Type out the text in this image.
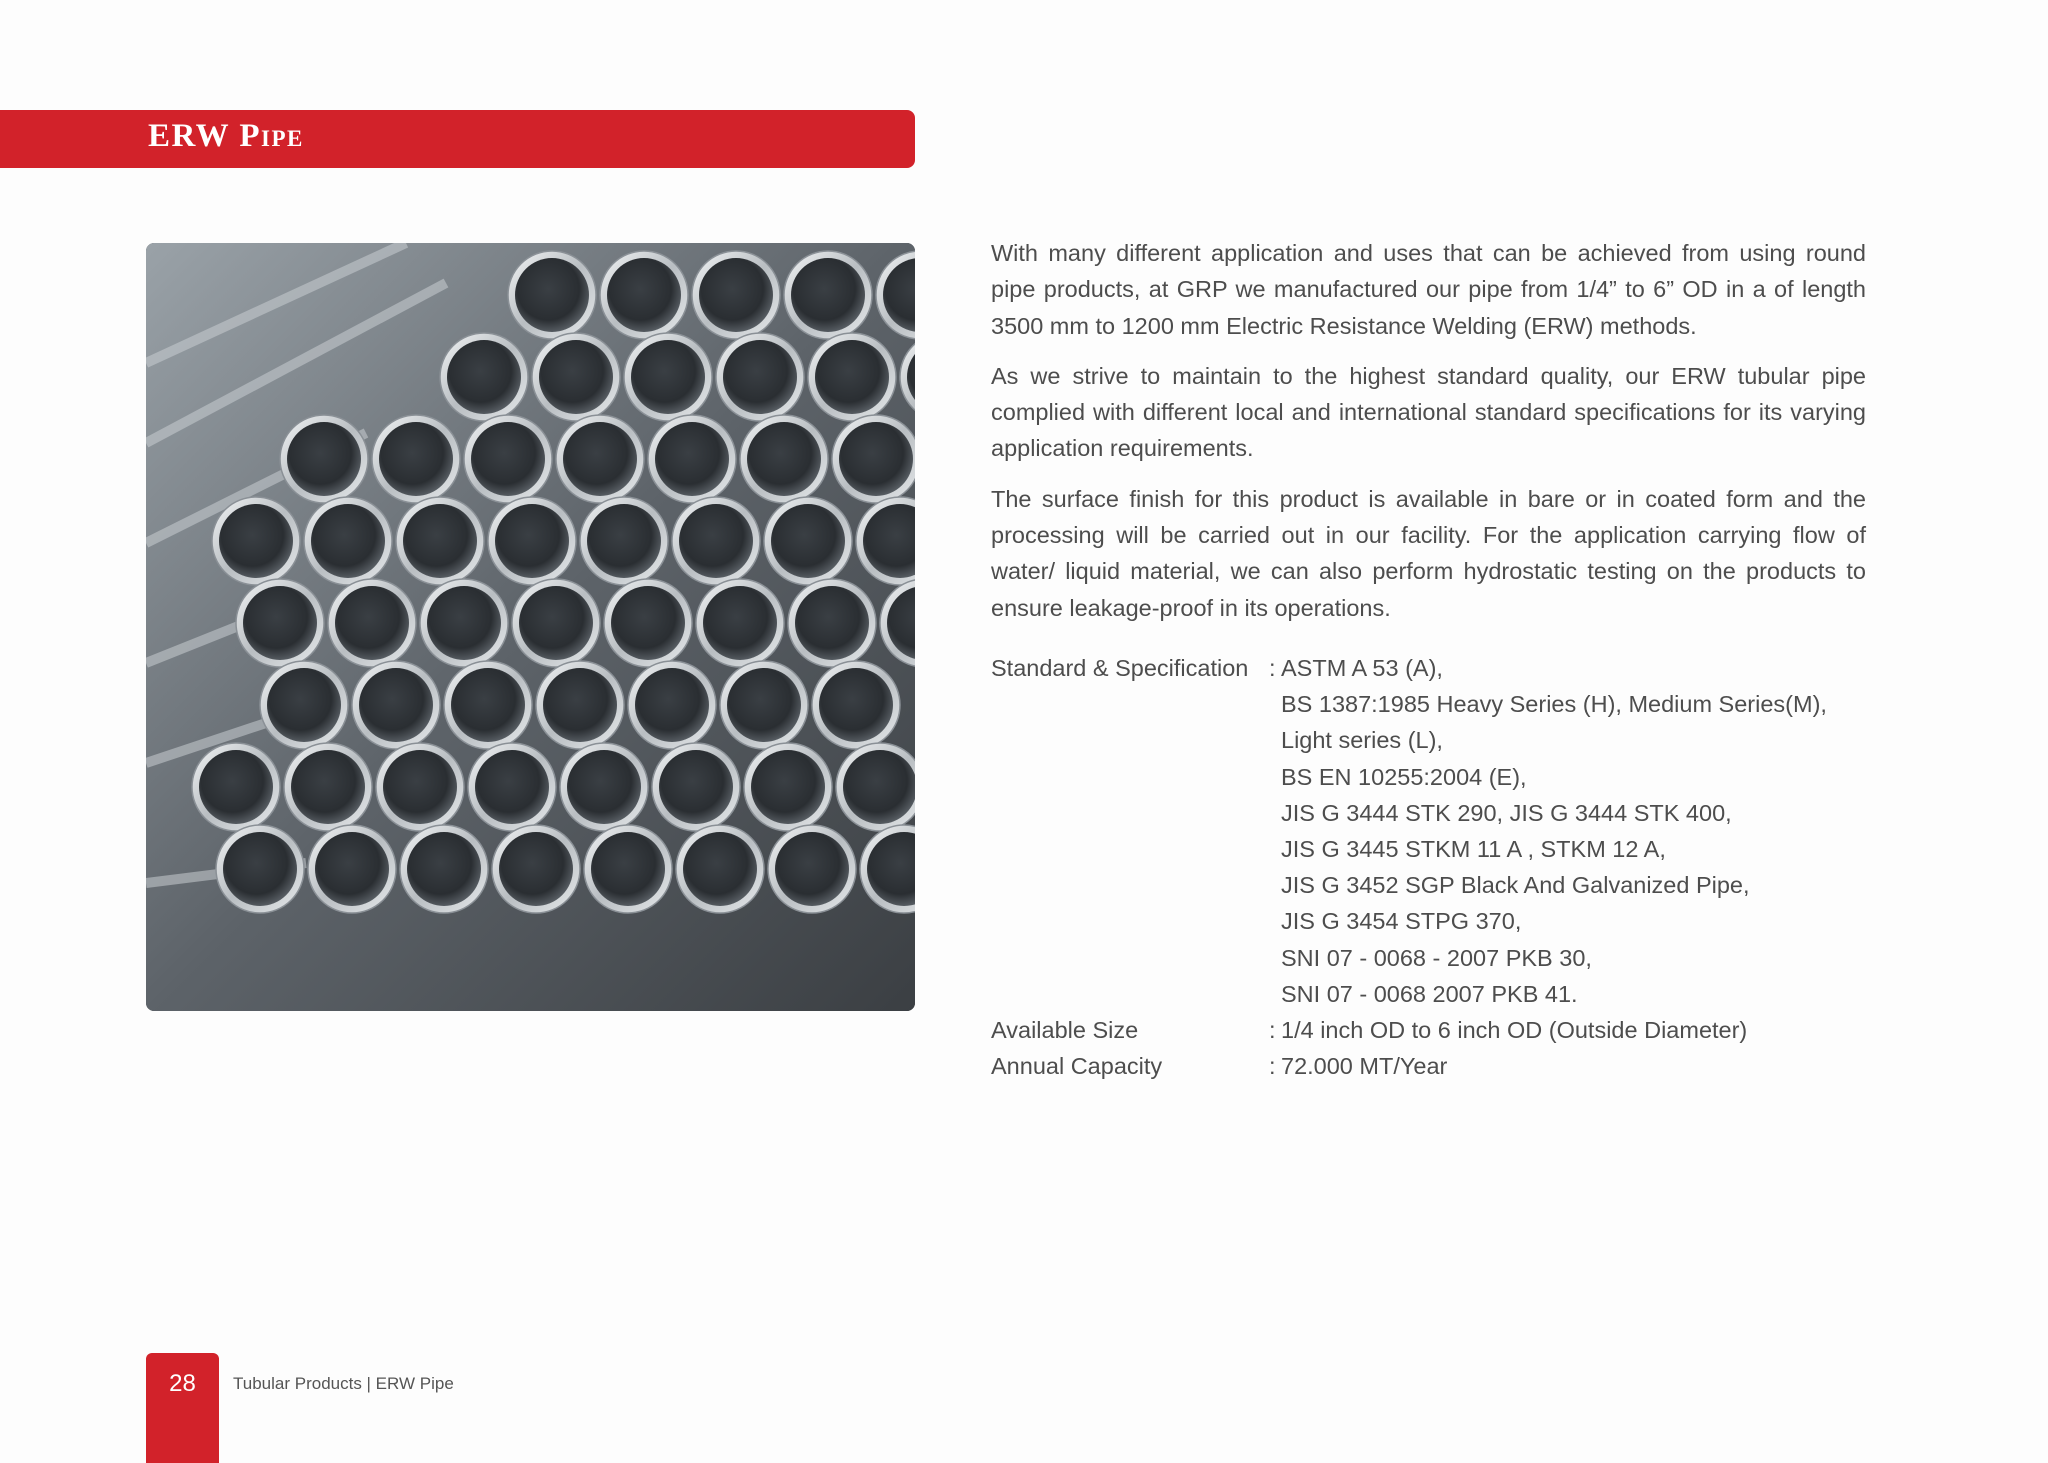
ERW Pipe

With many different application and uses that can be achieved from using round pipe products, at GRP we manufactured our pipe from 1/4” to 6” OD in a of length 3500 mm to 1200 mm Electric Resistance Welding (ERW) methods.

As we strive to maintain to the highest standard quality, our ERW tubular pipe complied with different local and international standard specifications for its varying application requirements.

The surface finish for this product is available in bare or in coated form and the processing will be carried out in our facility. For the application carrying flow of water/ liquid material, we can also perform hydrostatic testing on the products to ensure leakage-proof in its operations.

Standard & Specification : ASTM A 53 (A),
BS 1387:1985 Heavy Series (H), Medium Series(M),
Light series (L),
BS EN 10255:2004 (E),
JIS G 3444 STK 290, JIS G 3444 STK 400,
JIS G 3445 STKM 11 A , STKM 12 A,
JIS G 3452 SGP Black And Galvanized Pipe,
JIS G 3454 STPG 370,
SNI 07 - 0068 - 2007 PKB 30,
SNI 07 - 0068 2007 PKB 41.
Available Size	: 1/4 inch OD to 6 inch OD (Outside Diameter)
Annual Capacity	: 72.000 MT/Year
28	Tubular Products | ERW Pipe
